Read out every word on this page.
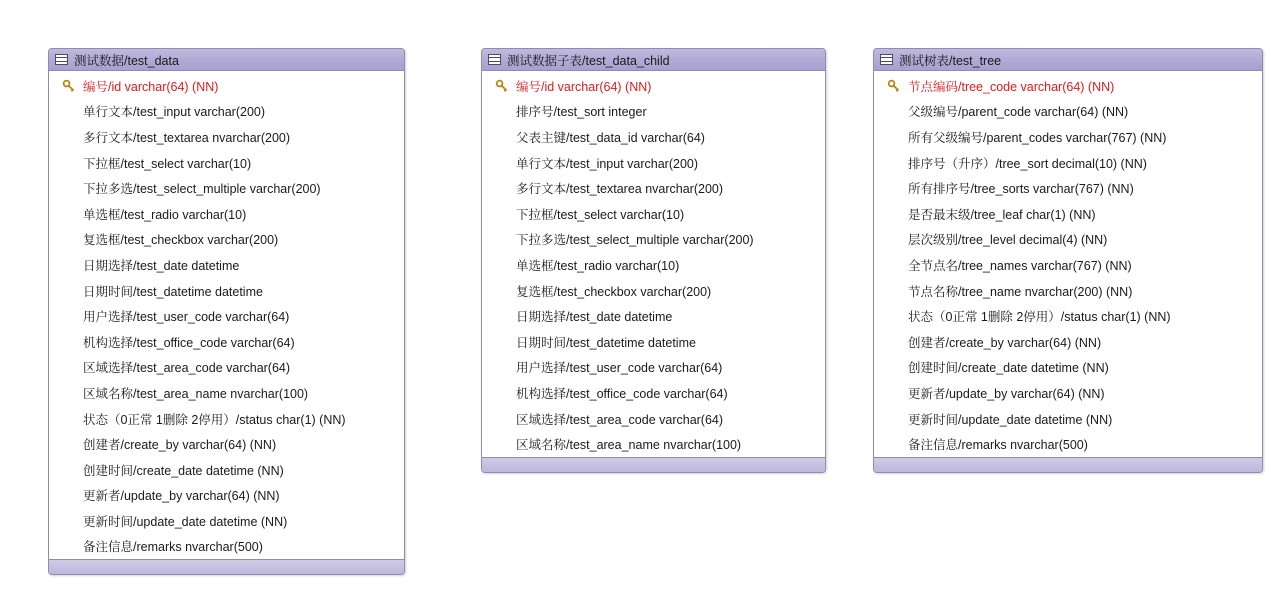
测试数据/test_data
编号/id varchar(64) (NN)
单行文本/test_input varchar(200)
多行文本/test_textarea nvarchar(200)
下拉框/test_select varchar(10)
下拉多选/test_select_multiple varchar(200)
单选框/test_radio varchar(10)
复选框/test_checkbox varchar(200)
日期选择/test_date datetime
日期时间/test_datetime datetime
用户选择/test_user_code varchar(64)
机构选择/test_office_code varchar(64)
区域选择/test_area_code varchar(64)
区域名称/test_area_name nvarchar(100)
状态（0正常 1删除 2停用）/status char(1) (NN)
创建者/create_by varchar(64) (NN)
创建时间/create_date datetime (NN)
更新者/update_by varchar(64) (NN)
更新时间/update_date datetime (NN)
备注信息/remarks nvarchar(500)
测试数据子表/test_data_child
编号/id varchar(64) (NN)
排序号/test_sort integer
父表主键/test_data_id varchar(64)
单行文本/test_input varchar(200)
多行文本/test_textarea nvarchar(200)
下拉框/test_select varchar(10)
下拉多选/test_select_multiple varchar(200)
单选框/test_radio varchar(10)
复选框/test_checkbox varchar(200)
日期选择/test_date datetime
日期时间/test_datetime datetime
用户选择/test_user_code varchar(64)
机构选择/test_office_code varchar(64)
区域选择/test_area_code varchar(64)
区域名称/test_area_name nvarchar(100)
测试树表/test_tree
节点编码/tree_code varchar(64) (NN)
父级编号/parent_code varchar(64) (NN)
所有父级编号/parent_codes varchar(767) (NN)
排序号（升序）/tree_sort decimal(10) (NN)
所有排序号/tree_sorts varchar(767) (NN)
是否最末级/tree_leaf char(1) (NN)
层次级别/tree_level decimal(4) (NN)
全节点名/tree_names varchar(767) (NN)
节点名称/tree_name nvarchar(200) (NN)
状态（0正常 1删除 2停用）/status char(1) (NN)
创建者/create_by varchar(64) (NN)
创建时间/create_date datetime (NN)
更新者/update_by varchar(64) (NN)
更新时间/update_date datetime (NN)
备注信息/remarks nvarchar(500)
